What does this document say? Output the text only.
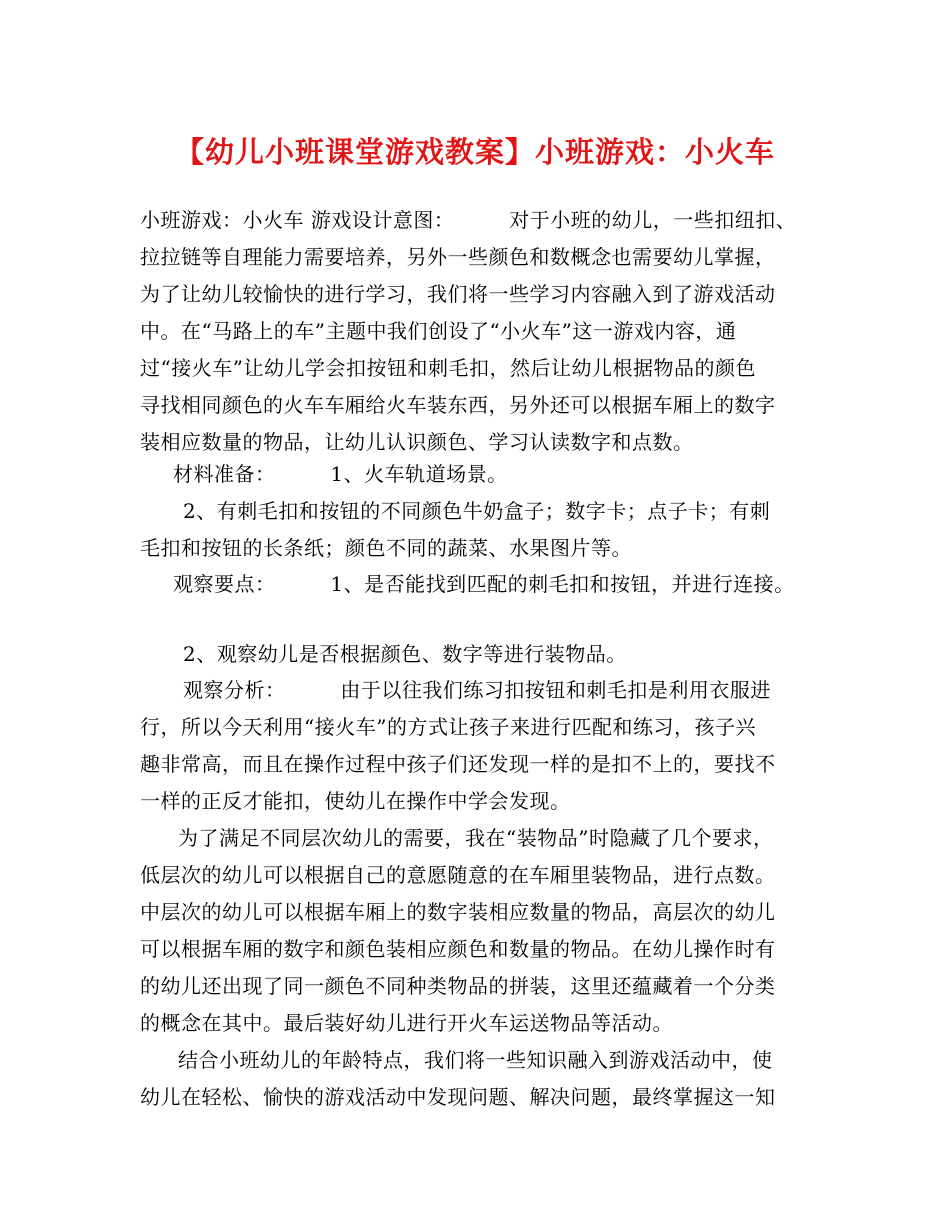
【幼儿小班课堂游戏教案】小班游戏：小火车
小班游戏：小火车 游戏设计意图：        对于小班的幼儿，一些扣纽扣、
拉拉链等自理能力需要培养，另外一些颜色和数概念也需要幼儿掌握，
为了让幼儿较愉快的进行学习，我们将一些学习内容融入到了游戏活动
中。在“马路上的车”主题中我们创设了“小火车”这一游戏内容，通
过“接火车”让幼儿学会扣按钮和刺毛扣，然后让幼儿根据物品的颜色
寻找相同颜色的火车车厢给火车装东西，另外还可以根据车厢上的数字
装相应数量的物品，让幼儿认识颜色、学习认读数字和点数。
材料准备：        1、火车轨道场景。
2、有刺毛扣和按钮的不同颜色牛奶盒子；数字卡；点子卡；有刺
毛扣和按钮的长条纸；颜色不同的蔬菜、水果图片等。
观察要点：        1、是否能找到匹配的刺毛扣和按钮，并进行连接。
2、观察幼儿是否根据颜色、数字等进行装物品。
观察分析：        由于以往我们练习扣按钮和刺毛扣是利用衣服进
行，所以今天利用“接火车”的方式让孩子来进行匹配和练习，孩子兴
趣非常高，而且在操作过程中孩子们还发现一样的是扣不上的，要找不
一样的正反才能扣，使幼儿在操作中学会发现。
为了满足不同层次幼儿的需要，我在“装物品”时隐藏了几个要求，
低层次的幼儿可以根据自己的意愿随意的在车厢里装物品，进行点数。
中层次的幼儿可以根据车厢上的数字装相应数量的物品，高层次的幼儿
可以根据车厢的数字和颜色装相应颜色和数量的物品。在幼儿操作时有
的幼儿还出现了同一颜色不同种类物品的拼装，这里还蕴藏着一个分类
的概念在其中。最后装好幼儿进行开火车运送物品等活动。
结合小班幼儿的年龄特点，我们将一些知识融入到游戏活动中，使
幼儿在轻松、愉快的游戏活动中发现问题、解决问题，最终掌握这一知
